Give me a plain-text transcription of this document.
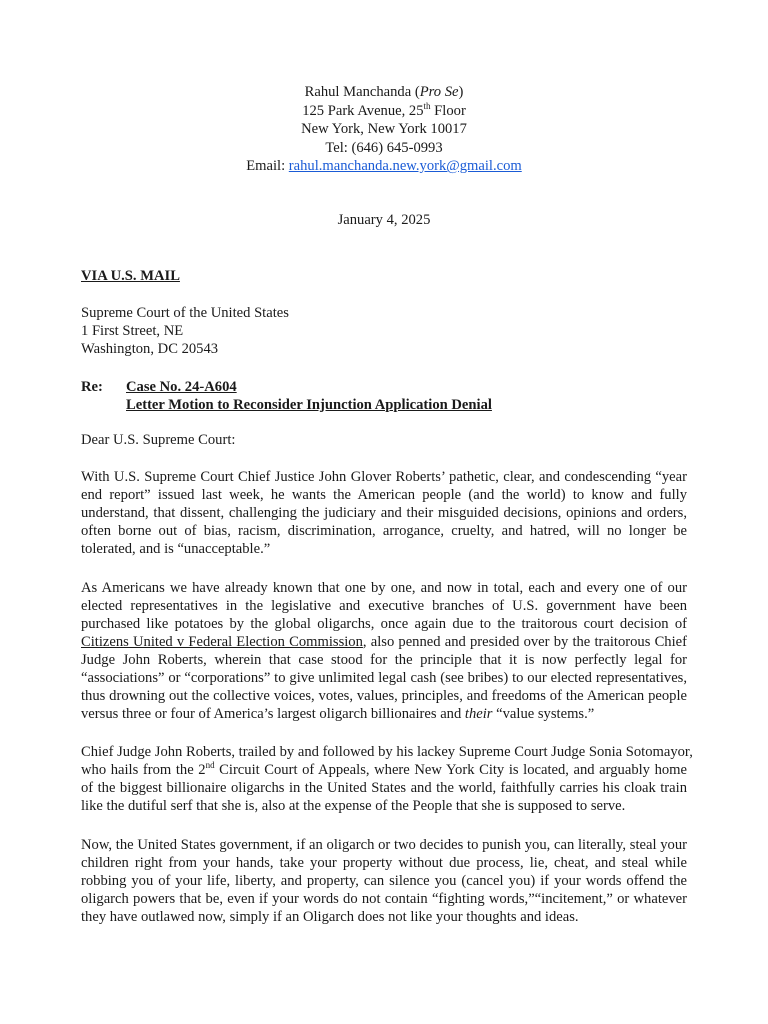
Rahul Manchanda (Pro Se)
125 Park Avenue, 25th Floor
New York, New York 10017
Tel: (646) 645-0993
Email: rahul.manchanda.new.york@gmail.com
January 4, 2025
VIA U.S. MAIL
Supreme Court of the United States
1 First Street, NE
Washington, DC 20543
Re: Case No. 24-A604
Letter Motion to Reconsider Injunction Application Denial
Dear U.S. Supreme Court:
With U.S. Supreme Court Chief Justice John Glover Roberts’ pathetic, clear, and condescending “year
end report” issued last week, he wants the American people (and the world) to know and fully
understand, that dissent, challenging the judiciary and their misguided decisions, opinions and orders,
often borne out of bias, racism, discrimination, arrogance, cruelty, and hatred, will no longer be
tolerated, and is “unacceptable.”
As Americans we have already known that one by one, and now in total, each and every one of our
elected representatives in the legislative and executive branches of U.S. government have been
purchased like potatoes by the global oligarchs, once again due to the traitorous court decision of
Citizens United v Federal Election Commission, also penned and presided over by the traitorous Chief
Judge John Roberts, wherein that case stood for the principle that it is now perfectly legal for
“associations” or “corporations” to give unlimited legal cash (see bribes) to our elected representatives,
thus drowning out the collective voices, votes, values, principles, and freedoms of the American people
versus three or four of America’s largest oligarch billionaires and their “value systems.”
Chief Judge John Roberts, trailed by and followed by his lackey Supreme Court Judge Sonia Sotomayor,
who hails from the 2nd Circuit Court of Appeals, where New York City is located, and arguably home
of the biggest billionaire oligarchs in the United States and the world, faithfully carries his cloak train
like the dutiful serf that she is, also at the expense of the People that she is supposed to serve.
Now, the United States government, if an oligarch or two decides to punish you, can literally, steal your
children right from your hands, take your property without due process, lie, cheat, and steal while
robbing you of your life, liberty, and property, can silence you (cancel you) if your words offend the
oligarch powers that be, even if your words do not contain “fighting words,”“incitement,” or whatever
they have outlawed now, simply if an Oligarch does not like your thoughts and ideas.
